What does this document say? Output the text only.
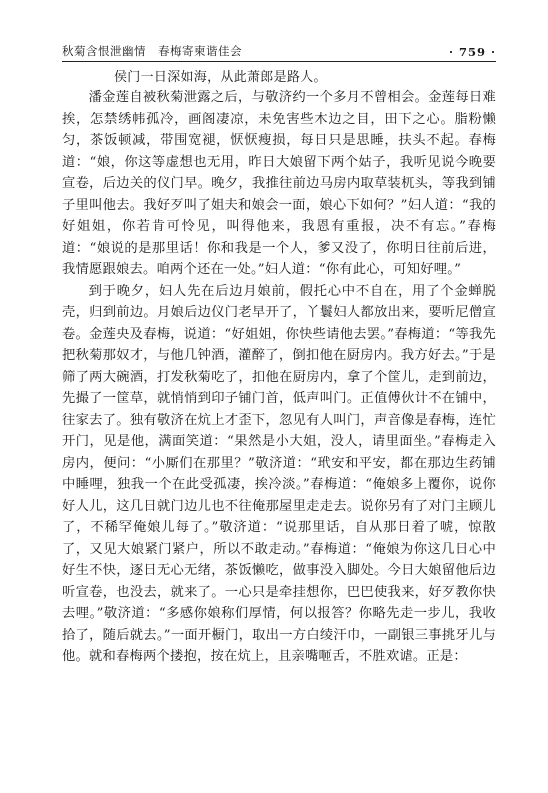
秋菊含恨泄幽情　春梅寄柬谐佳会	· 759 ·

侯门一日深如海，从此萧郎是路人。

潘金莲自被秋菊泄露之后，与敬济约一个多月不曾相会。金莲每日难挨，怎禁绣帏孤冷，画阁凄凉，未免害些木边之目，田下之心。脂粉懒匀，茶饭顿减，带围宽褪，恹恹瘦损，每日只是思睡，扶头不起。春梅道：“娘，你这等虚想也无用，昨日大娘留下两个姑子，我听见说今晚要宣卷，后边关的仪门早。晚夕，我推往前边马房内取草装杌头，等我到铺子里叫他去。我好歹叫了姐夫和娘会一面，娘心下如何？”妇人道：“我的好姐姐，你若肯可怜见，叫得他来，我恩有重报，决不有忘。”春梅道：“娘说的是那里话！你和我是一个人，爹又没了，你明日往前后进，我情愿跟娘去。咱两个还在一处。”妇人道：“你有此心，可知好哩。”

到于晚夕，妇人先在后边月娘前，假托心中不自在，用了个金蝉脱壳，归到前边。月娘后边仪门老早开了，丫鬟妇人都放出来，要听尼僧宣卷。金莲央及春梅，说道：“好姐姐，你快些请他去罢。”春梅道：“等我先把秋菊那奴才，与他几钟酒，灌醉了，倒扣他在厨房内。我方好去。”于是筛了两大碗酒，打发秋菊吃了，扣他在厨房内，拿了个筐儿，走到前边，先撮了一筐草，就悄悄到印子铺门首，低声叫门。正值傅伙计不在铺中，往家去了。独有敬济在炕上才歪下，忽见有人叫门，声音像是春梅，连忙开门，见是他，满面笑道：“果然是小大姐，没人，请里面坐。”春梅走入房内，便问：“小厮们在那里？”敬济道：“玳安和平安，都在那边生药铺中睡哩，独我一个在此受孤凄，挨冷淡。”春梅道：“俺娘多上覆你，说你好人儿，这几日就门边儿也不往俺那屋里走走去。说你另有了对门主顾儿了，不稀罕俺娘儿每了。”敬济道：“说那里话，自从那日着了唬，惊散了，又见大娘紧门紧户，所以不敢走动。”春梅道：“俺娘为你这几日心中好生不快，逐日无心无绪，茶饭懒吃，做事没入脚处。今日大娘留他后边听宣卷，也没去，就来了。一心只是牵挂想你，巴巴使我来，好歹教你快去哩。”敬济道：“多感你娘称们厚情，何以报答？你略先走一步儿，我收拾了，随后就去。”一面开橱门，取出一方白绫汗巾，一副银三事挑牙儿与他。就和春梅两个搂抱，按在炕上，且亲嘴咂舌，不胜欢谑。正是：
